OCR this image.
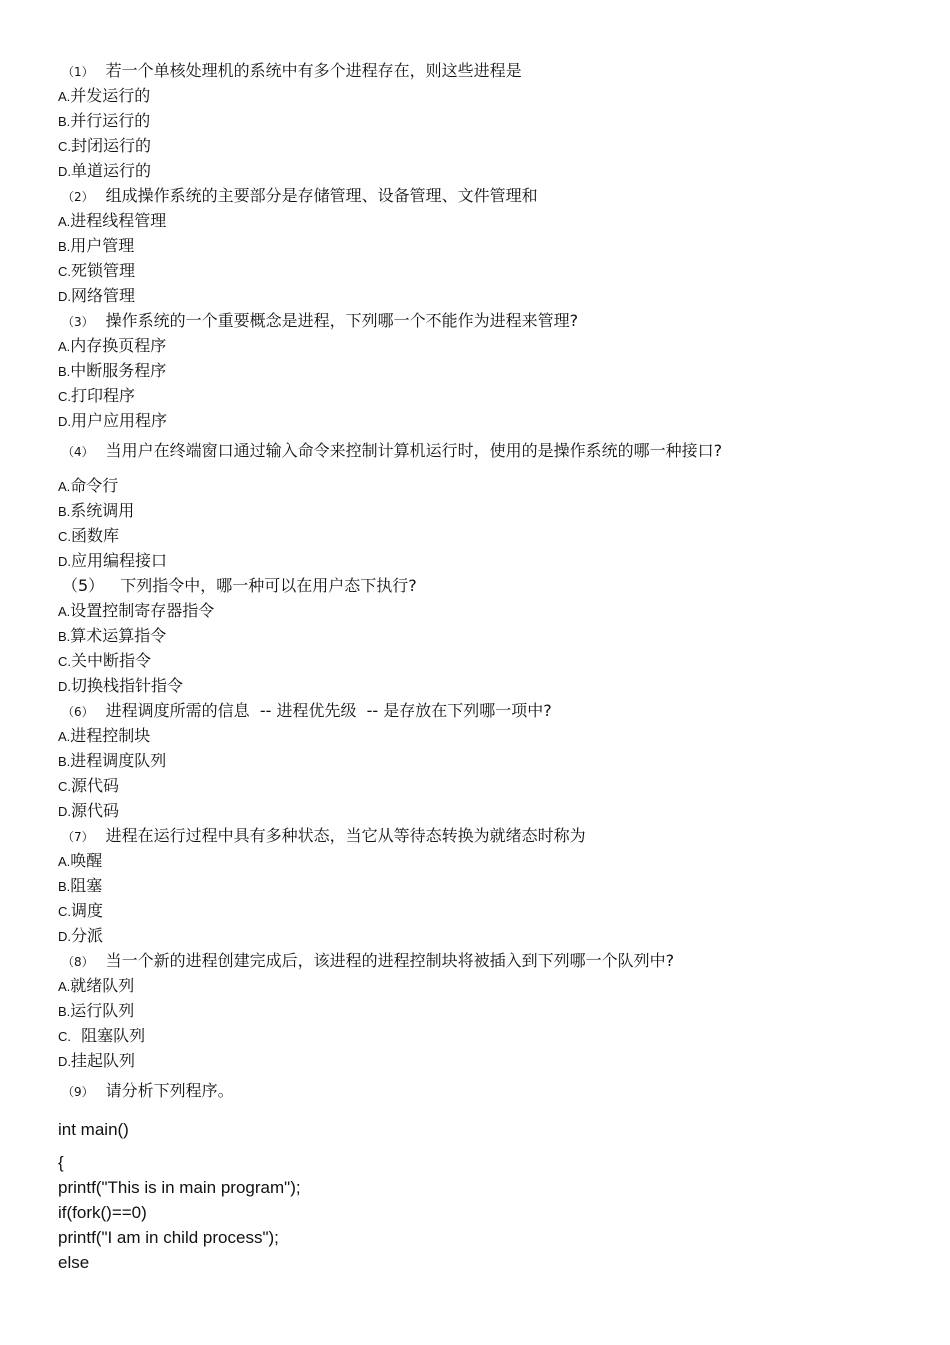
（1） 若一个单核处理机的系统中有多个进程存在，则这些进程是
A.并发运行的
B.并行运行的
C.封闭运行的
D.单道运行的
（2） 组成操作系统的主要部分是存储管理、设备管理、文件管理和
A.进程线程管理
B.用户管理
C.死锁管理
D.网络管理
（3） 操作系统的一个重要概念是进程，下列哪一个不能作为进程来管理?
A.内存换页程序
B.中断服务程序
C.打印程序
D.用户应用程序
（4） 当用户在终端窗口通过输入命令来控制计算机运行时，使用的是操作系统的哪一种接口?
A.命令行
B.系统调用
C.函数库
D.应用编程接口
（5） 下列指令中，哪一种可以在用户态下执行?
A.设置控制寄存器指令
B.算术运算指令
C.关中断指令
D.切换栈指针指令
（6） 进程调度所需的信息  -- 进程优先级  -- 是存放在下列哪一项中?
A.进程控制块
B.进程调度队列
C.源代码
D.源代码
（7） 进程在运行过程中具有多种状态，当它从等待态转换为就绪态时称为
A.唤醒
B.阻塞
C.调度
D.分派
（8） 当一个新的进程创建完成后，该进程的进程控制块将被插入到下列哪一个队列中?
A.就绪队列
B.运行队列
C.  阻塞队列
D.挂起队列
（9） 请分析下列程序。
int main()
{
printf("This is in main program");
if(fork()==0)
printf("I am in child process");
else
